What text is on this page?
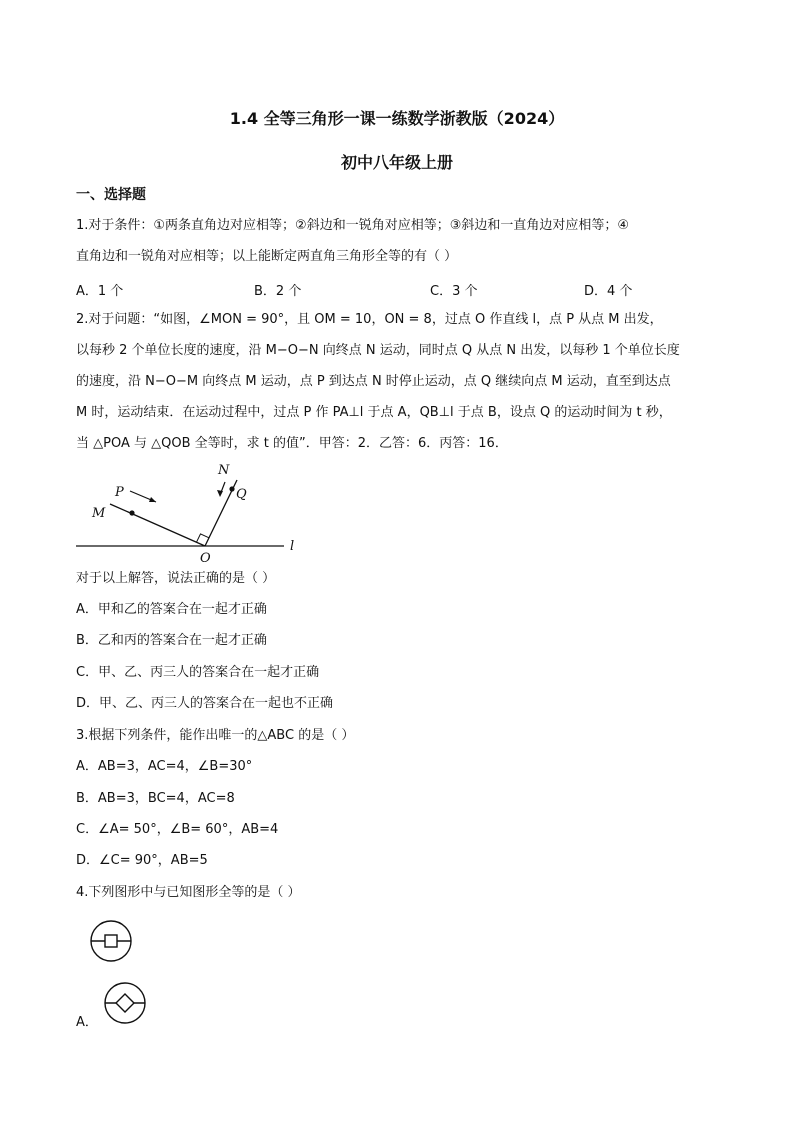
1.4 全等三角形一课一练数学浙教版（2024）
初中八年级上册
一、选择题
1.对于条件：①两条直角边对应相等；②斜边和一锐角对应相等；③斜边和一直角边对应相等；④
直角边和一锐角对应相等；以上能断定两直角三角形全等的有（ ）
A．1 个	B．2 个	C．3 个	D．4 个
2.对于问题：“如图，∠MON = 90°，且 OM = 10，ON = 8，过点 O 作直线 l，点 P 从点 M 出发，
以每秒 2 个单位长度的速度，沿 M−O−N 向终点 N 运动，同时点 Q 从点 N 出发，以每秒 1 个单位长度
的速度，沿 N−O−M 向终点 M 运动，点 P 到达点 N 时停止运动，点 Q 继续向点 M 运动，直至到达点
M 时，运动结束．在运动过程中，过点 P 作 PA⊥l 于点 A，QB⊥l 于点 B，设点 Q 的运动时间为 t 秒，
当 △POA 与 △QOB 全等时，求 t 的值”．甲答：2．乙答：6．丙答：16．
M
P
N
Q
O
l
对于以上解答，说法正确的是（ ）
A．甲和乙的答案合在一起才正确
B．乙和丙的答案合在一起才正确
C．甲、乙、丙三人的答案合在一起才正确
D．甲、乙、丙三人的答案合在一起也不正确
3.根据下列条件，能作出唯一的△ABC 的是（ ）
A．AB=3，AC=4，∠B=30°
B．AB=3，BC=4，AC=8
C．∠A= 50°，∠B= 60°，AB=4
D．∠C= 90°，AB=5
4.下列图形中与已知图形全等的是（ ）
A．
